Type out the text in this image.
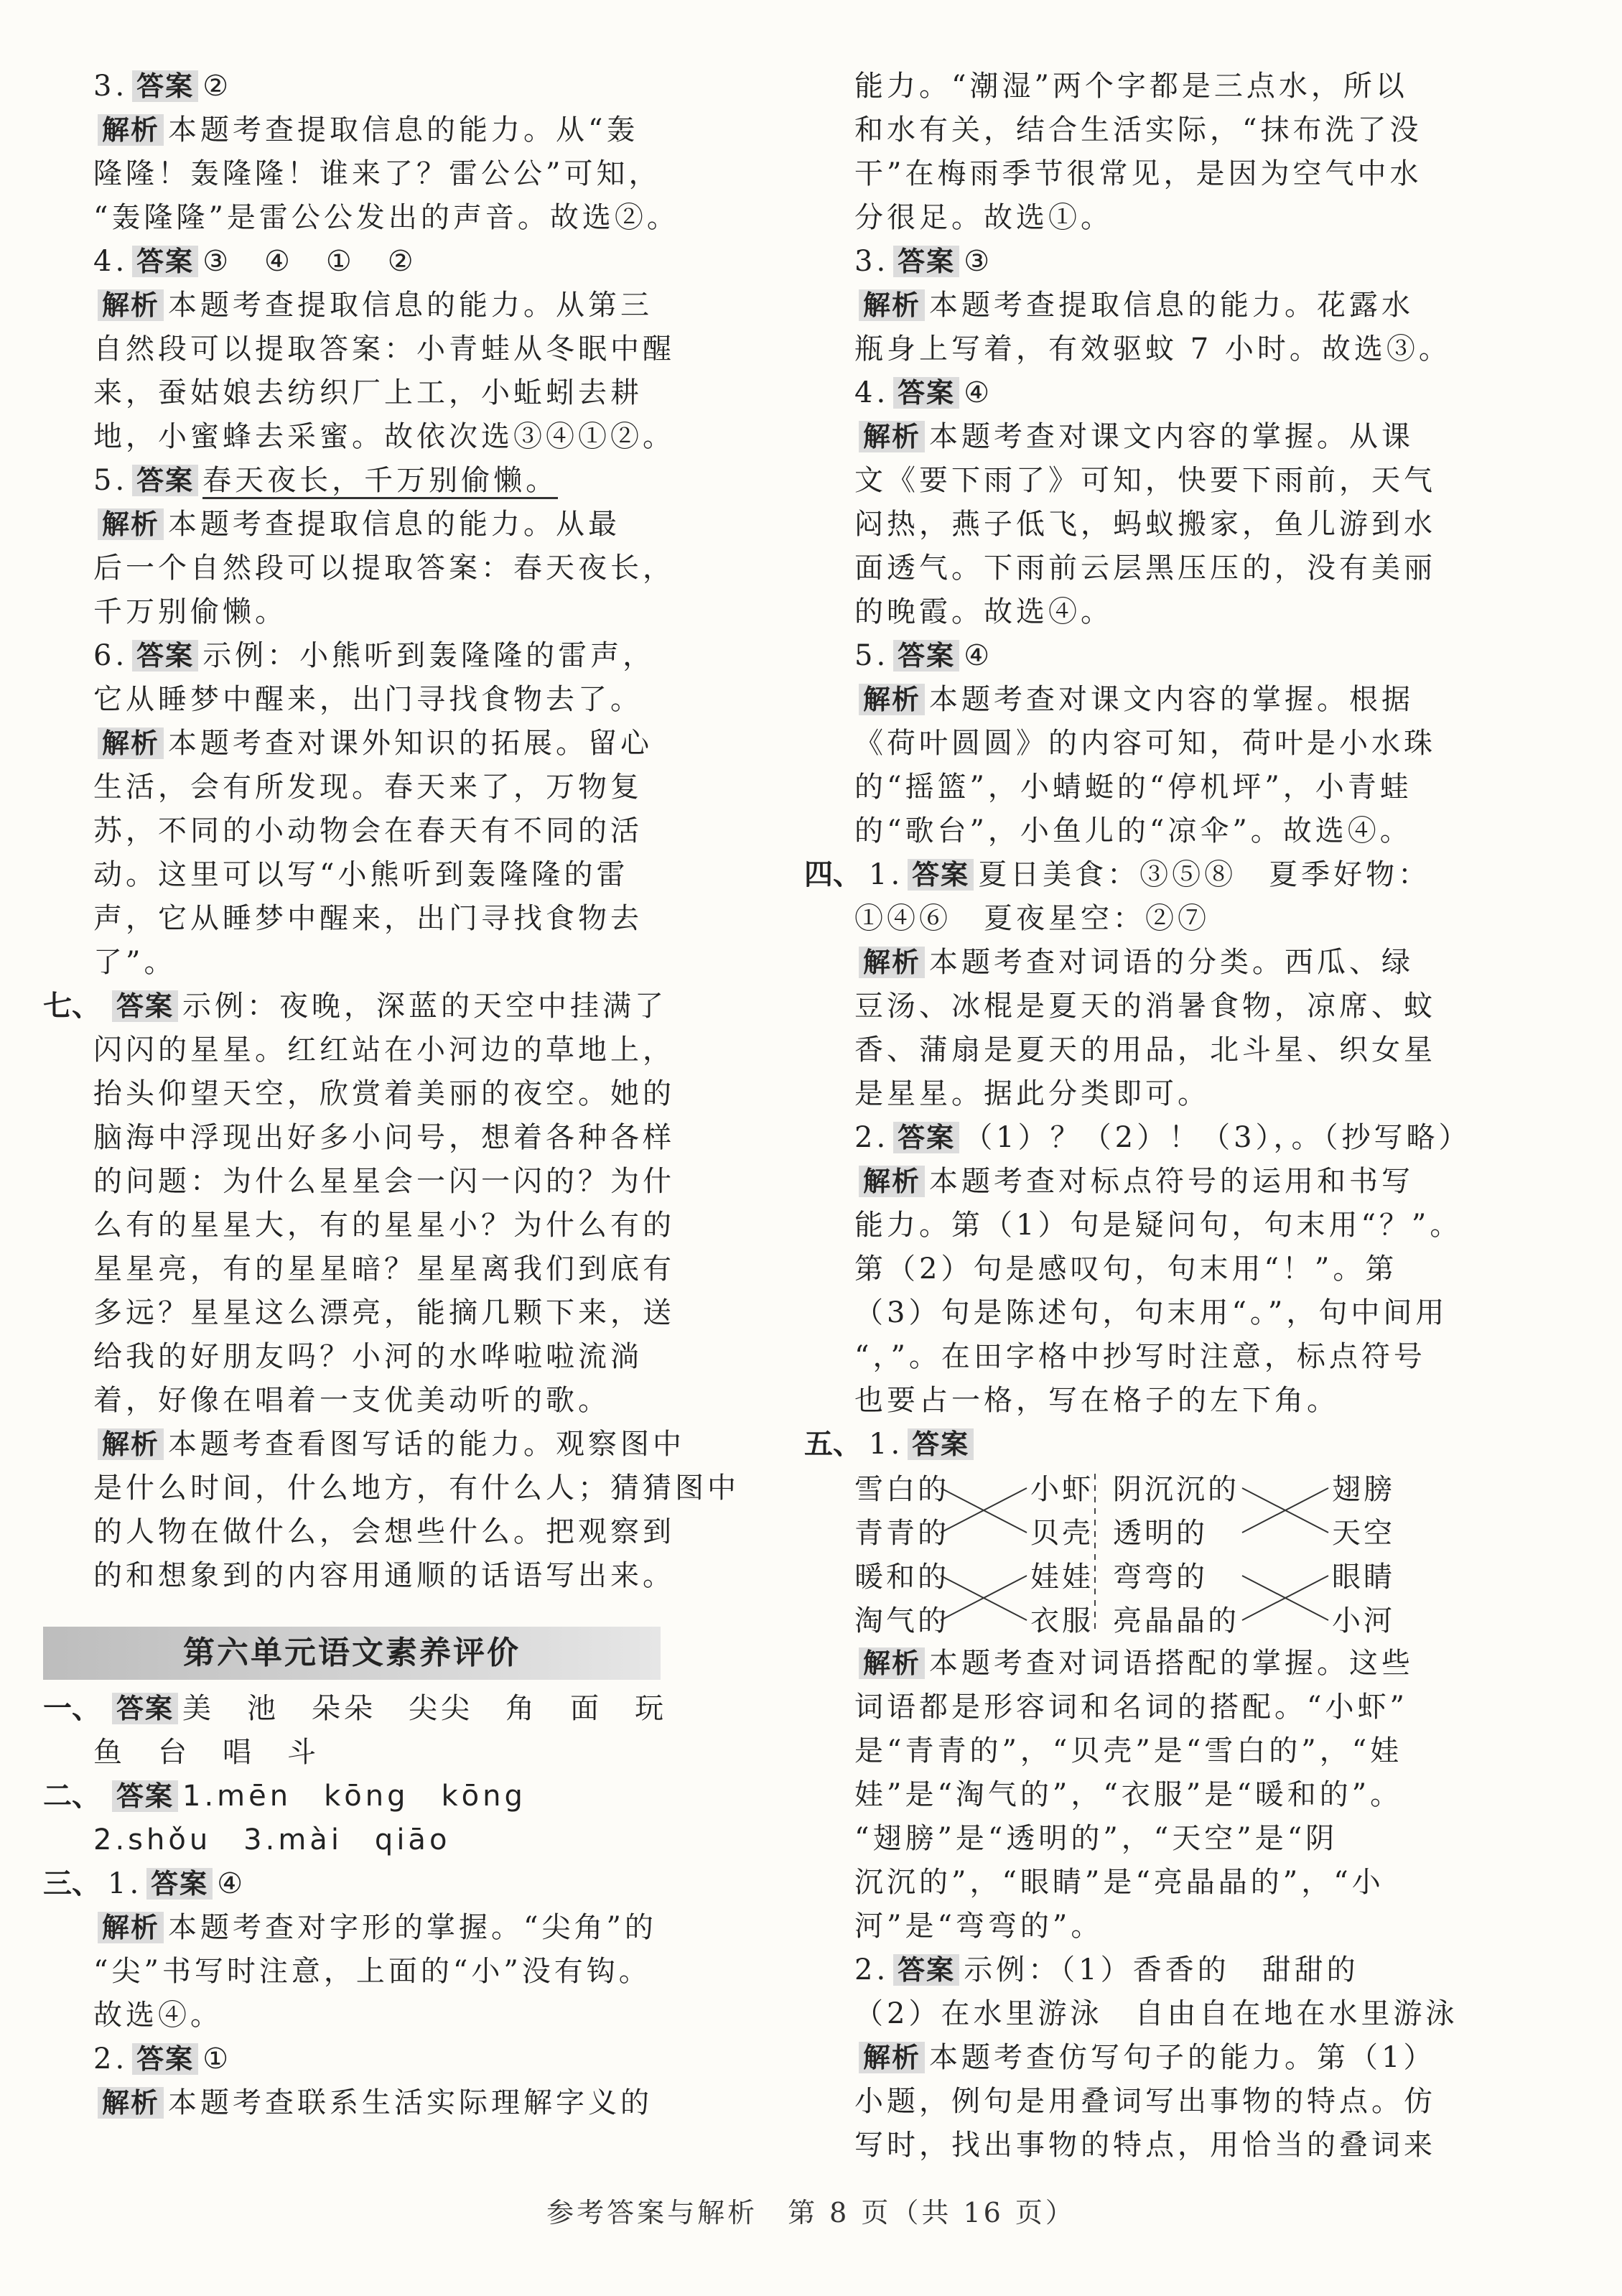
3. 答案 ②
解析 本题考查提取信息的能力。从“轰
隆隆！轰隆隆！谁来了？雷公公”可知，
“轰隆隆”是雷公公发出的声音。故选②。
4. 答案 ③　④　①　②
解析 本题考查提取信息的能力。从第三
自然段可以提取答案：小青蛙从冬眠中醒
来，蚕姑娘去纺织厂上工，小蚯蚓去耕
地，小蜜蜂去采蜜。故依次选③④①②。
5. 答案 春天夜长，千万别偷懒。
解析 本题考查提取信息的能力。从最
后一个自然段可以提取答案：春天夜长，
千万别偷懒。
6. 答案 示例：小熊听到轰隆隆的雷声，
它从睡梦中醒来，出门寻找食物去了。
解析 本题考查对课外知识的拓展。留心
生活，会有所发现。春天来了，万物复
苏，不同的小动物会在春天有不同的活
动。这里可以写“小熊听到轰隆隆的雷
声，它从睡梦中醒来，出门寻找食物去
了”。
七、 答案 示例：夜晚，深蓝的天空中挂满了
闪闪的星星。红红站在小河边的草地上，
抬头仰望天空，欣赏着美丽的夜空。她的
脑海中浮现出好多小问号，想着各种各样
的问题：为什么星星会一闪一闪的？为什
么有的星星大，有的星星小？为什么有的
星星亮，有的星星暗？星星离我们到底有
多远？星星这么漂亮，能摘几颗下来，送
给我的好朋友吗？小河的水哗啦啦流淌
着，好像在唱着一支优美动听的歌。
解析 本题考查看图写话的能力。观察图中
是什么时间，什么地方，有什么人；猜猜图中
的人物在做什么，会想些什么。把观察到
的和想象到的内容用通顺的话语写出来。
第六单元语文素养评价
一、 答案 美　池　朵朵　尖尖　角　面　玩
鱼　台　唱　斗
二、 答案 1.mēn　kōng　kōng
2.shǒu　3.mài　qiāo
三、 1. 答案 ④
解析 本题考查对字形的掌握。“尖角”的
“尖”书写时注意，上面的“小”没有钩。
故选④。
2. 答案 ①
解析 本题考查联系生活实际理解字义的
能力。“潮湿”两个字都是三点水，所以
和水有关，结合生活实际，“抹布洗了没
干”在梅雨季节很常见，是因为空气中水
分很足。故选①。
3. 答案 ③
解析 本题考查提取信息的能力。花露水
瓶身上写着，有效驱蚊 7 小时。故选③。
4. 答案 ④
解析 本题考查对课文内容的掌握。从课
文《要下雨了》可知，快要下雨前，天气
闷热，燕子低飞，蚂蚁搬家，鱼儿游到水
面透气。下雨前云层黑压压的，没有美丽
的晚霞。故选④。
5. 答案 ④
解析 本题考查对课文内容的掌握。根据
《荷叶圆圆》的内容可知，荷叶是小水珠
的“摇篮”，小蜻蜓的“停机坪”，小青蛙
的“歌台”，小鱼儿的“凉伞”。故选④。
四、 1. 答案 夏日美食：③⑤⑧　夏季好物：
①④⑥　夏夜星空：②⑦
解析 本题考查对词语的分类。西瓜、绿
豆汤、冰棍是夏天的消暑食物，凉席、蚊
香、蒲扇是夏天的用品，北斗星、织女星
是星星。据此分类即可。
2. 答案 （1）？（2）！（3），。（抄写略）
解析 本题考查对标点符号的运用和书写
能力。第（1）句是疑问句，句末用“？”。
第（2）句是感叹句，句末用“！”。第
（3）句是陈述句，句末用“。”，句中间用
“，”。在田字格中抄写时注意，标点符号
也要占一格，写在格子的左下角。
五、 1. 答案
雪白的
青青的
暖和的
淘气的
小虾
贝壳
娃娃
衣服
阴沉沉的
透明的
弯弯的
亮晶晶的
翅膀
天空
眼睛
小河
解析 本题考查对词语搭配的掌握。这些
词语都是形容词和名词的搭配。“小虾”
是“青青的”，“贝壳”是“雪白的”，“娃
娃”是“淘气的”，“衣服”是“暖和的”。
“翅膀”是“透明的”，“天空”是“阴
沉沉的”，“眼睛”是“亮晶晶的”，“小
河”是“弯弯的”。
2. 答案 示例：（1）香香的　甜甜的
（2）在水里游泳　自由自在地在水里游泳
解析 本题考查仿写句子的能力。第（1）
小题，例句是用叠词写出事物的特点。仿
写时，找出事物的特点，用恰当的叠词来
参考答案与解析　第 8 页（共 16 页）
